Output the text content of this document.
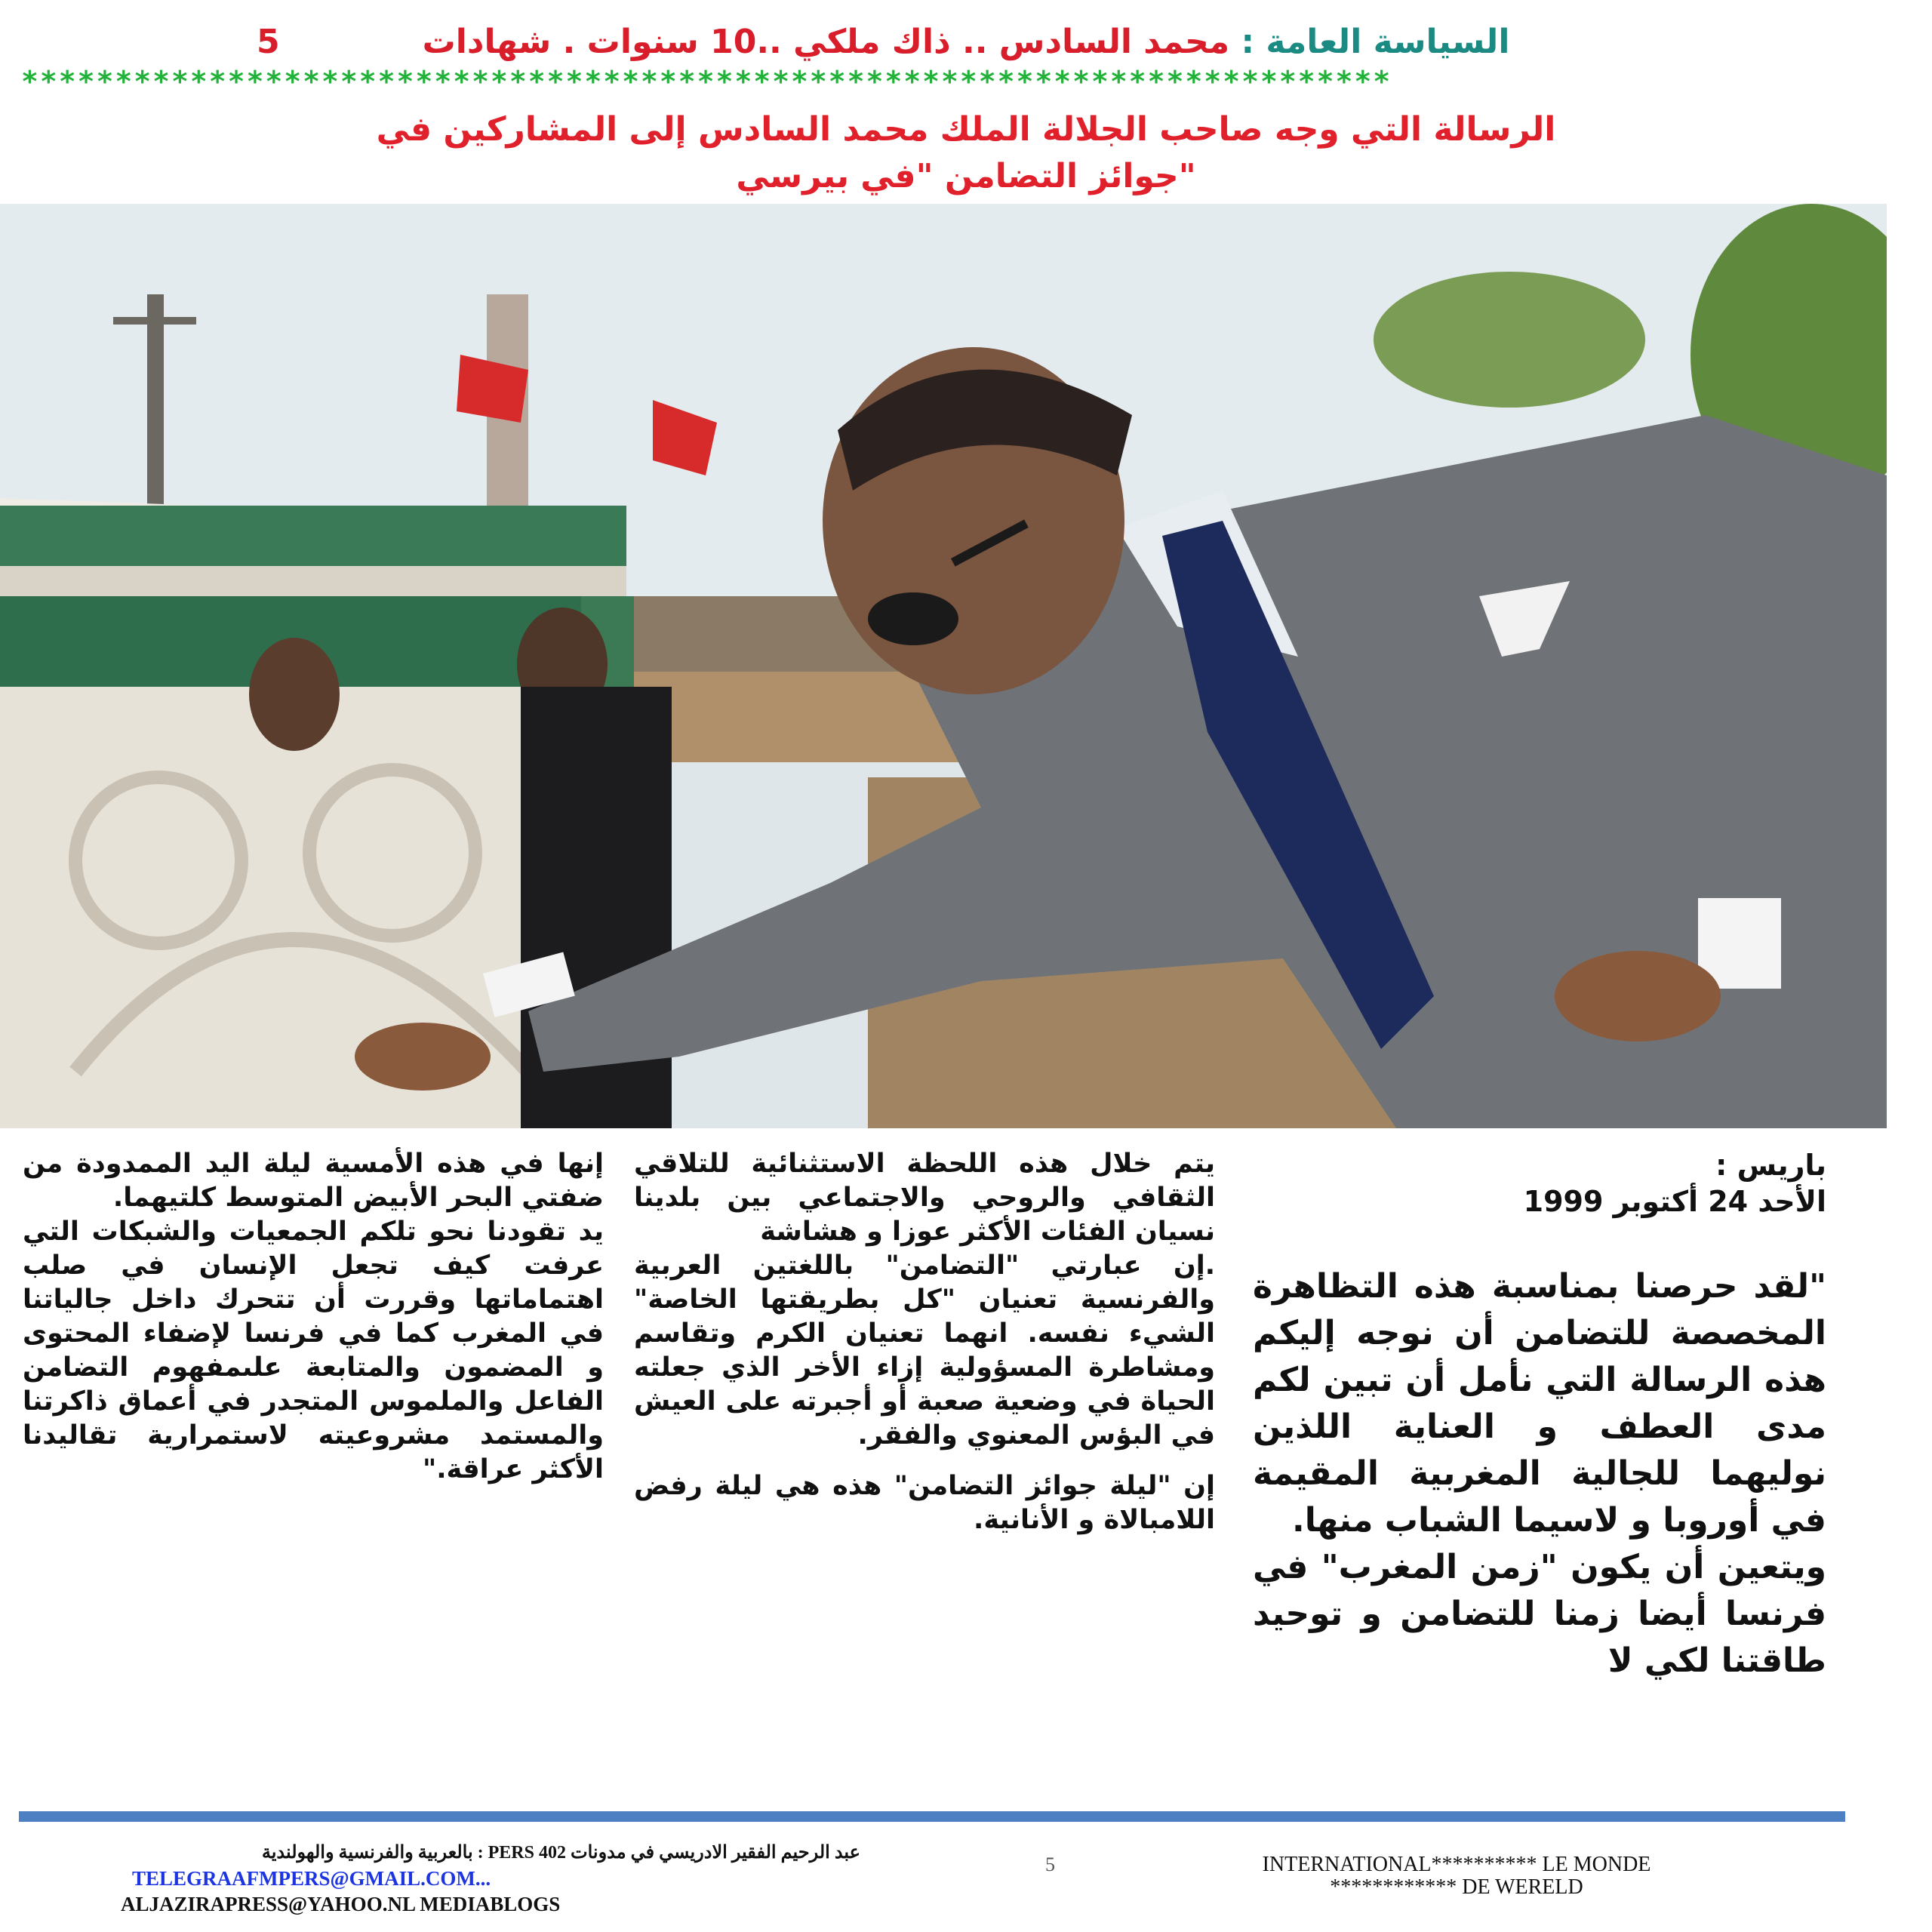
السياسة العامة : محمد السادس .. ذاك ملكي ..10 سنوات . شهادات
5
*************************************************************************
الرسالة التي وجه صاحب الجلالة الملك محمد السادس إلى المشاركين في
"جوائز التضامن "في بيرسي
باريس :
الأحد 24 أكتوبر 1999

"لقد حرصنا بمناسبة هذه التظاهرة المخصصة للتضامن أن نوجه إليكم هذه الرسالة التي نأمل أن تبين لكم مدى العطف و العناية اللذين نوليهما للجالية المغربية المقيمة في أوروبا و لاسيما الشباب منها.

ويتعين أن يكون "زمن المغرب" في فرنسا أيضا زمنا للتضامن و توحيد طاقتنا لكي لا

يتم خلال هذه اللحظة الاستثنائية للتلاقي الثقافي والروحي والاجتماعي بين بلدينا نسيان الفئات الأكثر عوزا و هشاشة

.إن عبارتي "التضامن" باللغتين العربية والفرنسية تعنيان "كل بطريقتها الخاصة" الشيء نفسه. انهما تعنيان الكرم وتقاسم ومشاطرة المسؤولية إزاء الأخر الذي جعلته الحياة في وضعية صعبة أو أجبرته على العيش في البؤس المعنوي والفقر.

إن "ليلة جوائز التضامن" هذه هي ليلة رفض اللامبالاة و الأنانية.

إنها في هذه الأمسية ليلة اليد الممدودة من ضفتي البحر الأبيض المتوسط كلتيهما.

يد تقودنا نحو تلكم الجمعيات والشبكات التي عرفت كيف تجعل الإنسان في صلب اهتماماتها وقررت أن تتحرك داخل جالياتنا في المغرب كما في فرنسا لإضفاء المحتوى و المضمون والمتابعة علىمفهوم التضامن الفاعل والملموس المتجدر في أعماق ذاكرتنا والمستمد مشروعيته لاستمرارية تقاليدنا الأكثر عراقة."

عبد الرحيم الفقير الادريسي في مدونات PERS 402 : بالعربية والفرنسية والهولندية
TELEGRAAFMPERS@GMAIL.COM...
ALJAZIRAPRESS@YAHOO.NL MEDIABLOGS
5	INTERNATIONAL********** LE MONDE
************ DE WERELD
